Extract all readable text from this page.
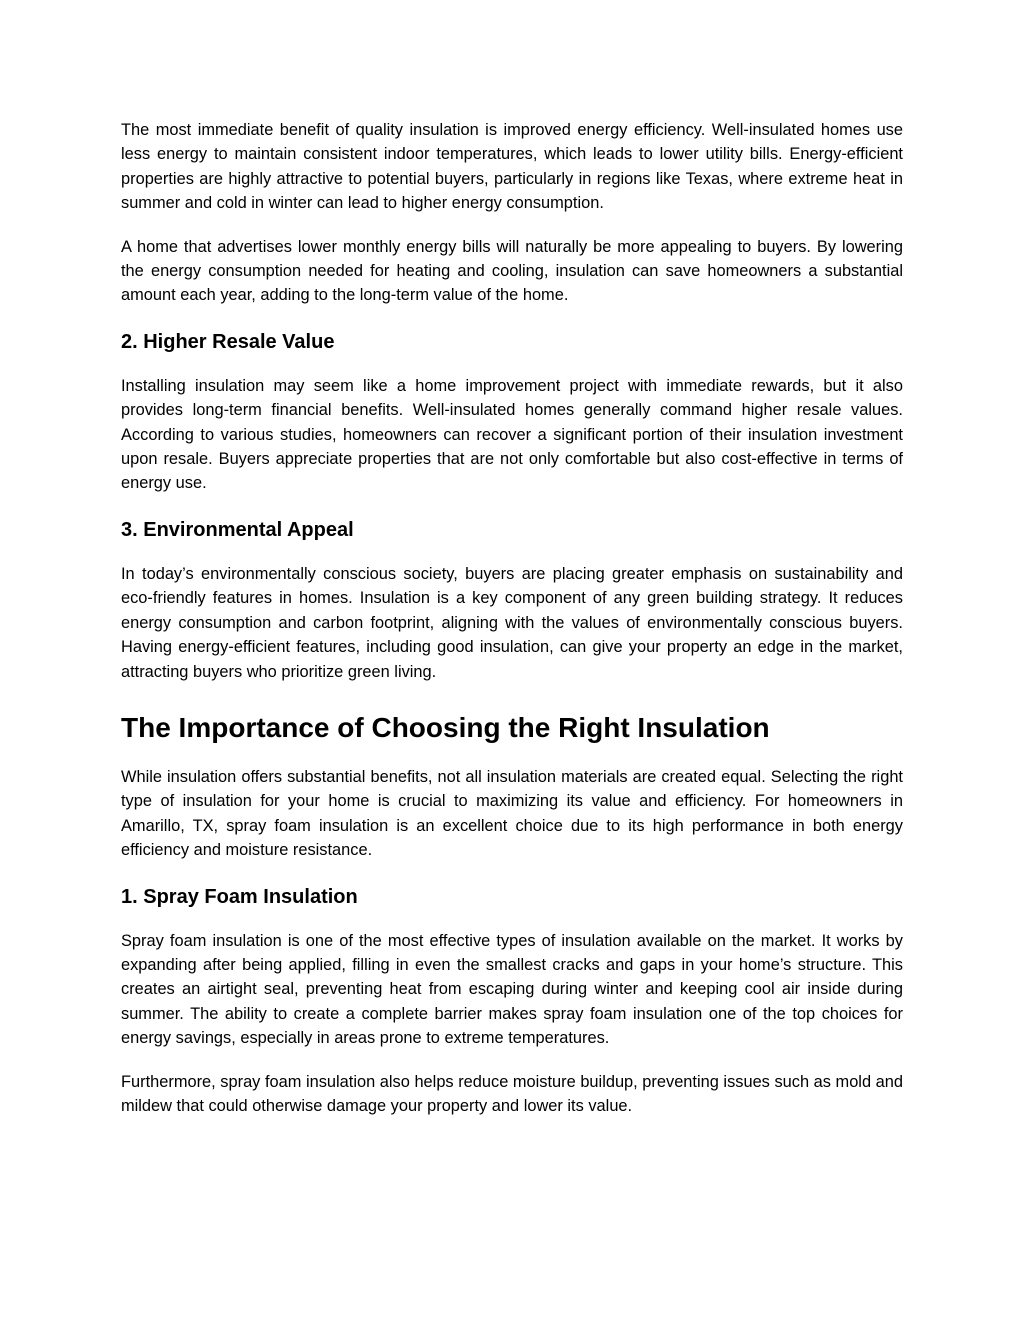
The most immediate benefit of quality insulation is improved energy efficiency. Well-insulated homes use less energy to maintain consistent indoor temperatures, which leads to lower utility bills. Energy-efficient properties are highly attractive to potential buyers, particularly in regions like Texas, where extreme heat in summer and cold in winter can lead to higher energy consumption.

A home that advertises lower monthly energy bills will naturally be more appealing to buyers. By lowering the energy consumption needed for heating and cooling, insulation can save homeowners a substantial amount each year, adding to the long-term value of the home.

2. Higher Resale Value

Installing insulation may seem like a home improvement project with immediate rewards, but it also provides long-term financial benefits. Well-insulated homes generally command higher resale values. According to various studies, homeowners can recover a significant portion of their insulation investment upon resale. Buyers appreciate properties that are not only comfortable but also cost-effective in terms of energy use.

3. Environmental Appeal

In today’s environmentally conscious society, buyers are placing greater emphasis on sustainability and eco-friendly features in homes. Insulation is a key component of any green building strategy. It reduces energy consumption and carbon footprint, aligning with the values of environmentally conscious buyers. Having energy-efficient features, including good insulation, can give your property an edge in the market, attracting buyers who prioritize green living.

The Importance of Choosing the Right Insulation

While insulation offers substantial benefits, not all insulation materials are created equal. Selecting the right type of insulation for your home is crucial to maximizing its value and efficiency. For homeowners in Amarillo, TX, spray foam insulation is an excellent choice due to its high performance in both energy efficiency and moisture resistance.

1. Spray Foam Insulation

Spray foam insulation is one of the most effective types of insulation available on the market. It works by expanding after being applied, filling in even the smallest cracks and gaps in your home’s structure. This creates an airtight seal, preventing heat from escaping during winter and keeping cool air inside during summer. The ability to create a complete barrier makes spray foam insulation one of the top choices for energy savings, especially in areas prone to extreme temperatures.

Furthermore, spray foam insulation also helps reduce moisture buildup, preventing issues such as mold and mildew that could otherwise damage your property and lower its value.
